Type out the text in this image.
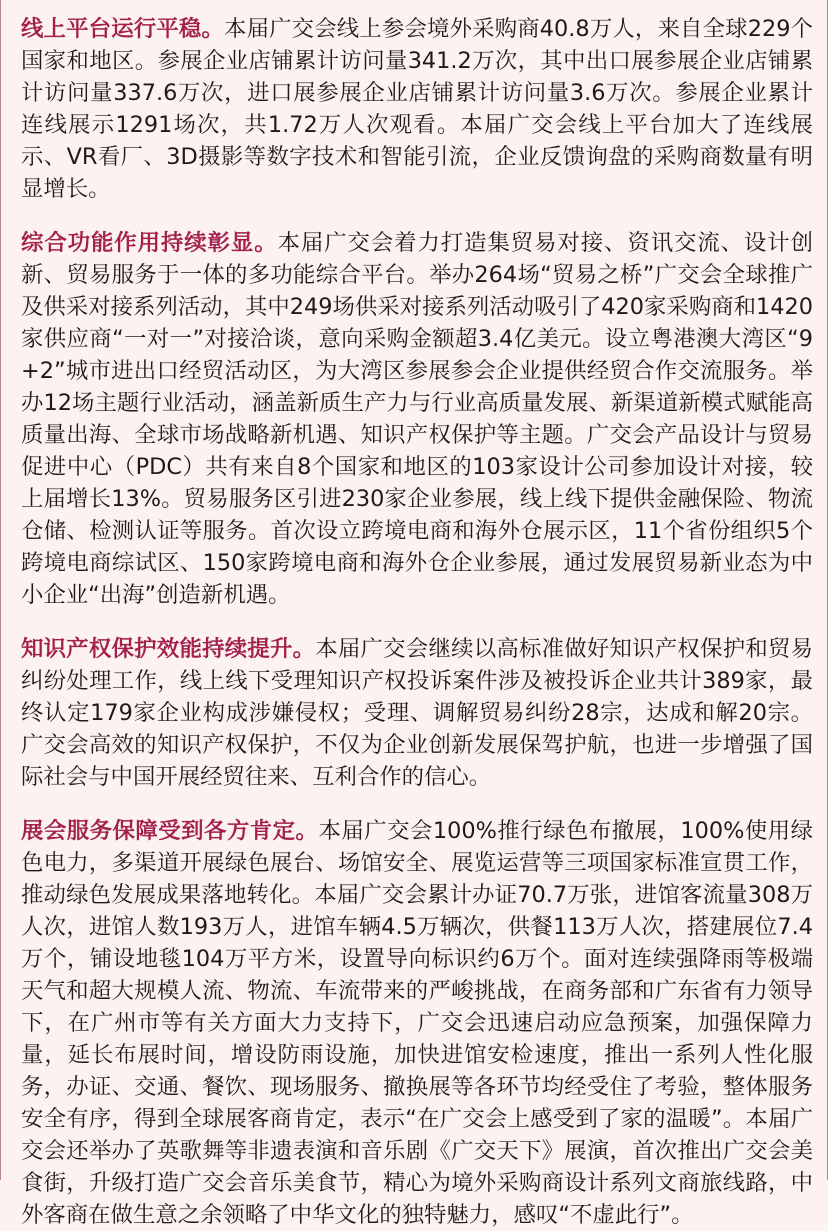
线上平台运行平稳。本届广交会线上参会境外采购商40.8万人，来自全球229个国家和地区。参展企业店铺累计访问量341.2万次，其中出口展参展企业店铺累计访问量337.6万次，进口展参展企业店铺累计访问量3.6万次。参展企业累计连线展示1291场次，共1.72万人次观看。本届广交会线上平台加大了连线展示、VR看厂、3D摄影等数字技术和智能引流，企业反馈询盘的采购商数量有明显增长。

综合功能作用持续彰显。本届广交会着力打造集贸易对接、资讯交流、设计创新、贸易服务于一体的多功能综合平台。举办264场“贸易之桥”广交会全球推广及供采对接系列活动，其中249场供采对接系列活动吸引了420家采购商和1420家供应商“一对一”对接洽谈，意向采购金额超3.4亿美元。设立粤港澳大湾区“9+2”城市进出口经贸活动区，为大湾区参展参会企业提供经贸合作交流服务。举办12场主题行业活动，涵盖新质生产力与行业高质量发展、新渠道新模式赋能高质量出海、全球市场战略新机遇、知识产权保护等主题。广交会产品设计与贸易促进中心（PDC）共有来自8个国家和地区的103家设计公司参加设计对接，较上届增长13%。贸易服务区引进230家企业参展，线上线下提供金融保险、物流仓储、检测认证等服务。首次设立跨境电商和海外仓展示区，11个省份组织5个跨境电商综试区、150家跨境电商和海外仓企业参展，通过发展贸易新业态为中小企业“出海”创造新机遇。

知识产权保护效能持续提升。本届广交会继续以高标准做好知识产权保护和贸易纠纷处理工作，线上线下受理知识产权投诉案件涉及被投诉企业共计389家，最终认定179家企业构成涉嫌侵权；受理、调解贸易纠纷28宗，达成和解20宗。广交会高效的知识产权保护，不仅为企业创新发展保驾护航，也进一步增强了国际社会与中国开展经贸往来、互利合作的信心。

展会服务保障受到各方肯定。本届广交会100%推行绿色布撤展，100%使用绿色电力，多渠道开展绿色展台、场馆安全、展览运营等三项国家标准宣贯工作，推动绿色发展成果落地转化。本届广交会累计办证70.7万张，进馆客流量308万人次，进馆人数193万人，进馆车辆4.5万辆次，供餐113万人次，搭建展位7.4万个，铺设地毯104万平方米，设置导向标识约6万个。面对连续强降雨等极端天气和超大规模人流、物流、车流带来的严峻挑战，在商务部和广东省有力领导下，在广州市等有关方面大力支持下，广交会迅速启动应急预案，加强保障力量，延长布展时间，增设防雨设施，加快进馆安检速度，推出一系列人性化服务，办证、交通、餐饮、现场服务、撤换展等各环节均经受住了考验，整体服务安全有序，得到全球展客商肯定，表示“在广交会上感受到了家的温暖”。本届广交会还举办了英歌舞等非遗表演和音乐剧《广交天下》展演，首次推出广交会美食街，升级打造广交会音乐美食节，精心为境外采购商设计系列文商旅线路，中外客商在做生意之余领略了中华文化的独特魅力，感叹“不虚此行”。
